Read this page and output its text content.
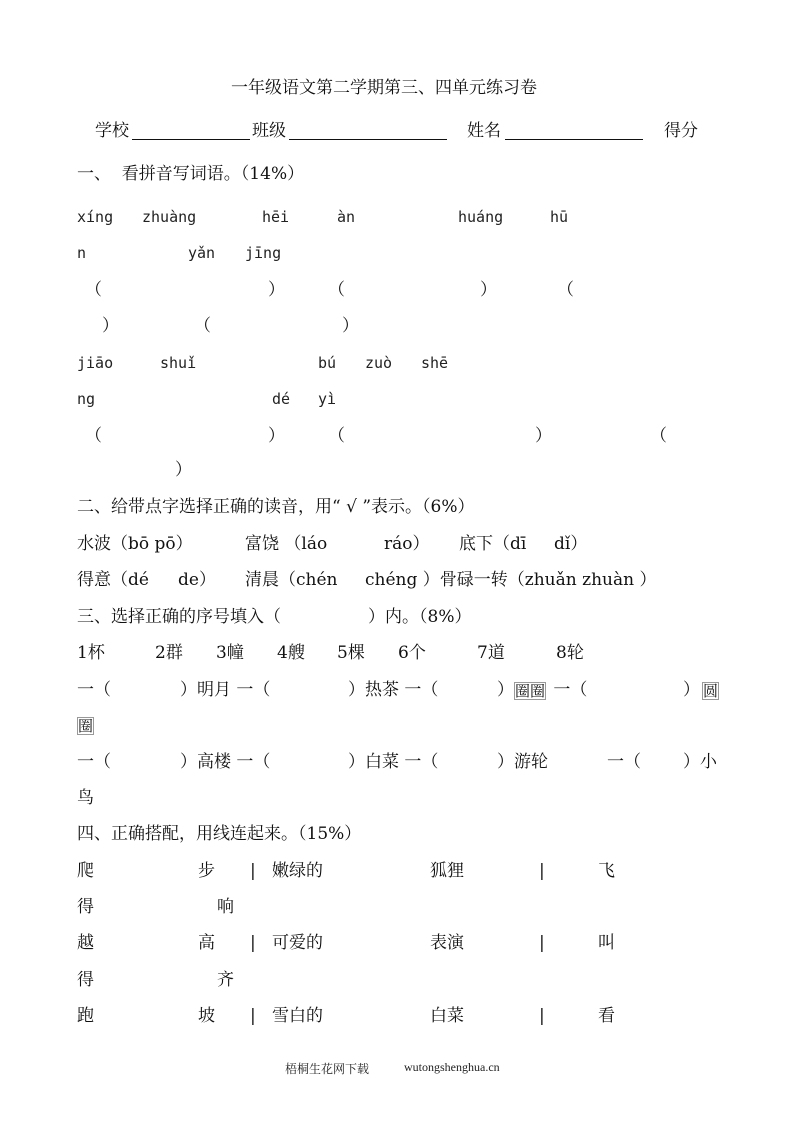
一年级语文第二学期第三、四单元练习卷
学校	班级	姓名	得分
一、  看拼音写词语。（14%）
xíng zhuàng	hēi	àn	huáng	hū
n	yǎn jīng
（	）	（	）	（
）	（	）
jiāo	shuǐ	bú zuò shē
ng	dé yì
（	）	（	）	（
）
二、给带点字选择正确的读音，用“ √ ”表示。（6%）
水波（bō pō）	富饶 （láo	ráo） 底下（dī dǐ）
得意（dé de） 清晨（chén chéng ）骨碌一转（zhuǎn zhuàn ）
三、选择正确的序号填入（	）内。（8%）
1杯	2群 3幢 4艘 5棵 6个	7道	8轮
一（	）明月 一（	）热茶 一（	） 圈圈 一（	） 圆
圈
一（	）高楼 一（	）白菜 一（	）游轮	一（ ）小
鸟
四、正确搭配，用线连起来。（15%）
爬	步 | 嫩绿的	狐狸	|	飞
得	响
越	高 | 可爱的	表演	|	叫
得	齐
跑	坡 | 雪白的	白菜	|	看
梧桐生花网下载	wutongshenghua.cn
